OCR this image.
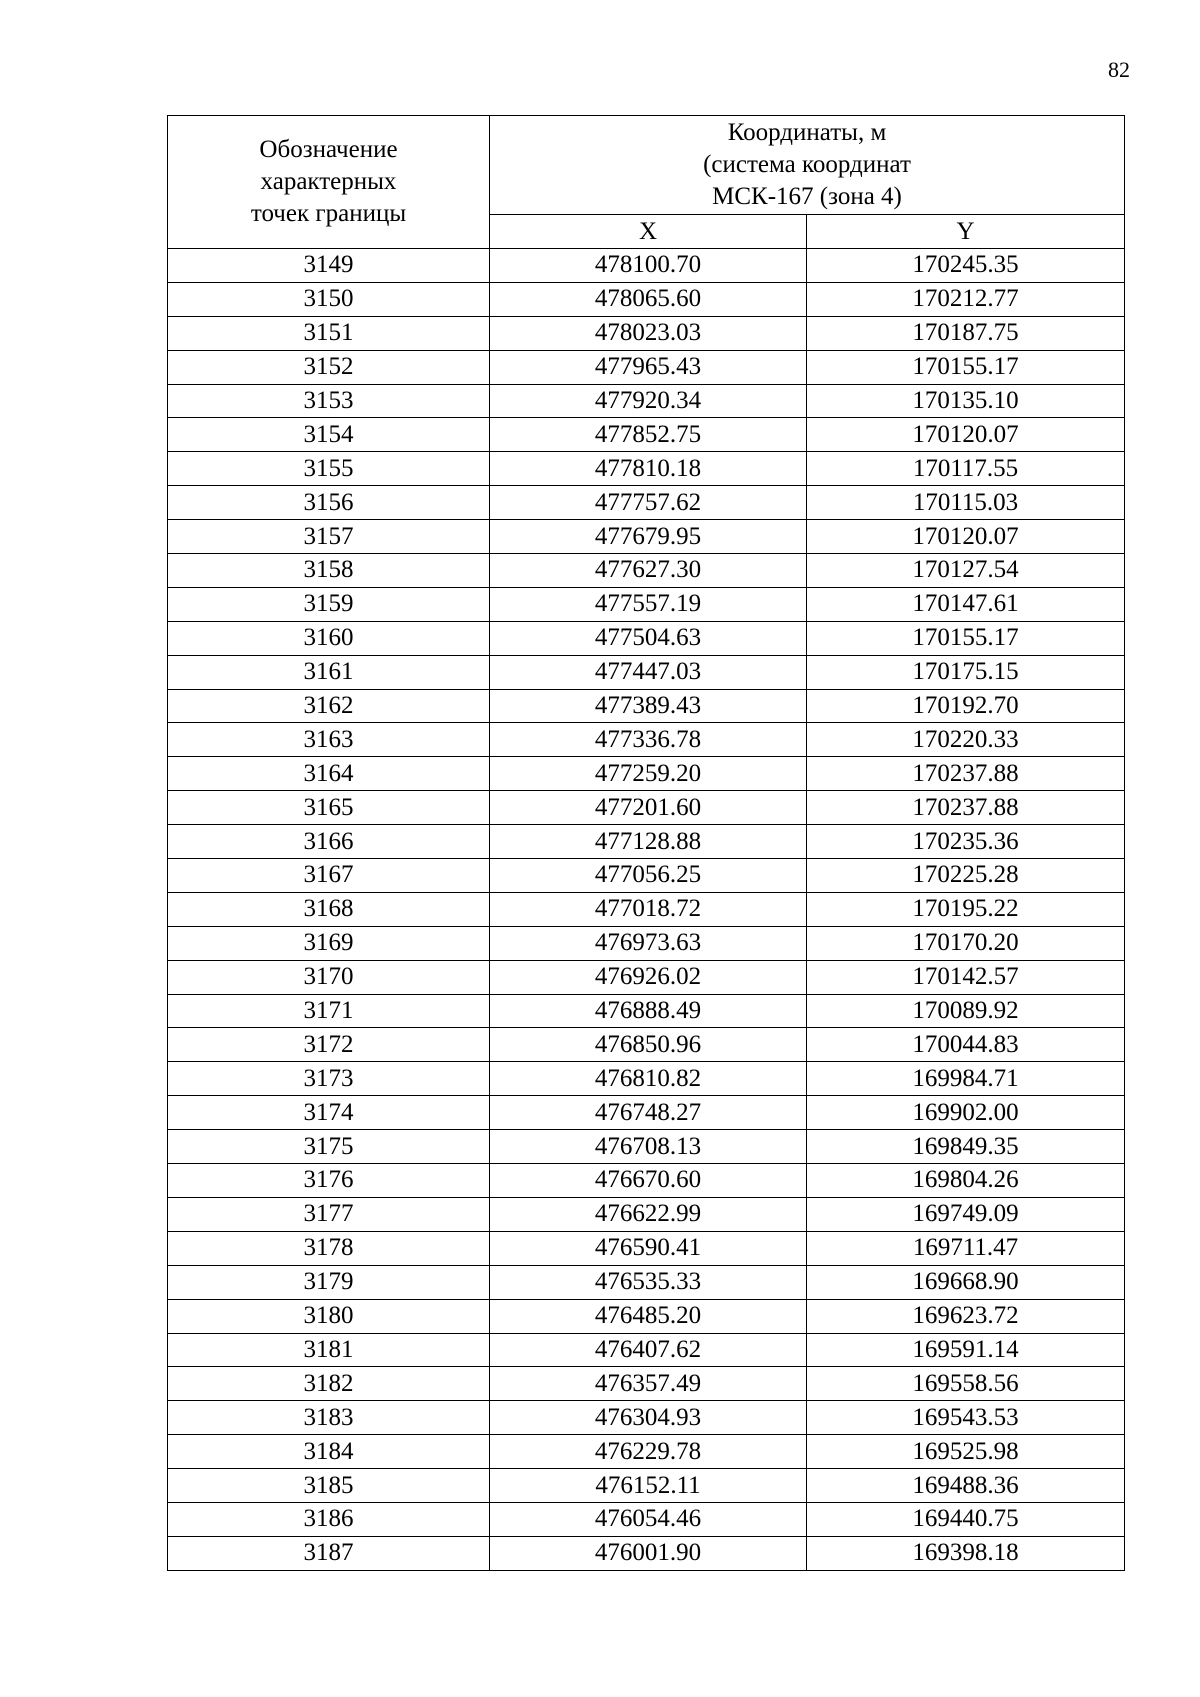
82
Обозначение
характерных
точек границы	Координаты, м
(система координат
МСК-167 (зона 4)	

	X	Y
3149	478100.70	170245.35
3150	478065.60	170212.77
3151	478023.03	170187.75
3152	477965.43	170155.17
3153	477920.34	170135.10
3154	477852.75	170120.07
3155	477810.18	170117.55
3156	477757.62	170115.03
3157	477679.95	170120.07
3158	477627.30	170127.54
3159	477557.19	170147.61
3160	477504.63	170155.17
3161	477447.03	170175.15
3162	477389.43	170192.70
3163	477336.78	170220.33
3164	477259.20	170237.88
3165	477201.60	170237.88
3166	477128.88	170235.36
3167	477056.25	170225.28
3168	477018.72	170195.22
3169	476973.63	170170.20
3170	476926.02	170142.57
3171	476888.49	170089.92
3172	476850.96	170044.83
3173	476810.82	169984.71
3174	476748.27	169902.00
3175	476708.13	169849.35
3176	476670.60	169804.26
3177	476622.99	169749.09
3178	476590.41	169711.47
3179	476535.33	169668.90
3180	476485.20	169623.72
3181	476407.62	169591.14
3182	476357.49	169558.56
3183	476304.93	169543.53
3184	476229.78	169525.98
3185	476152.11	169488.36
3186	476054.46	169440.75
3187	476001.90	169398.18
